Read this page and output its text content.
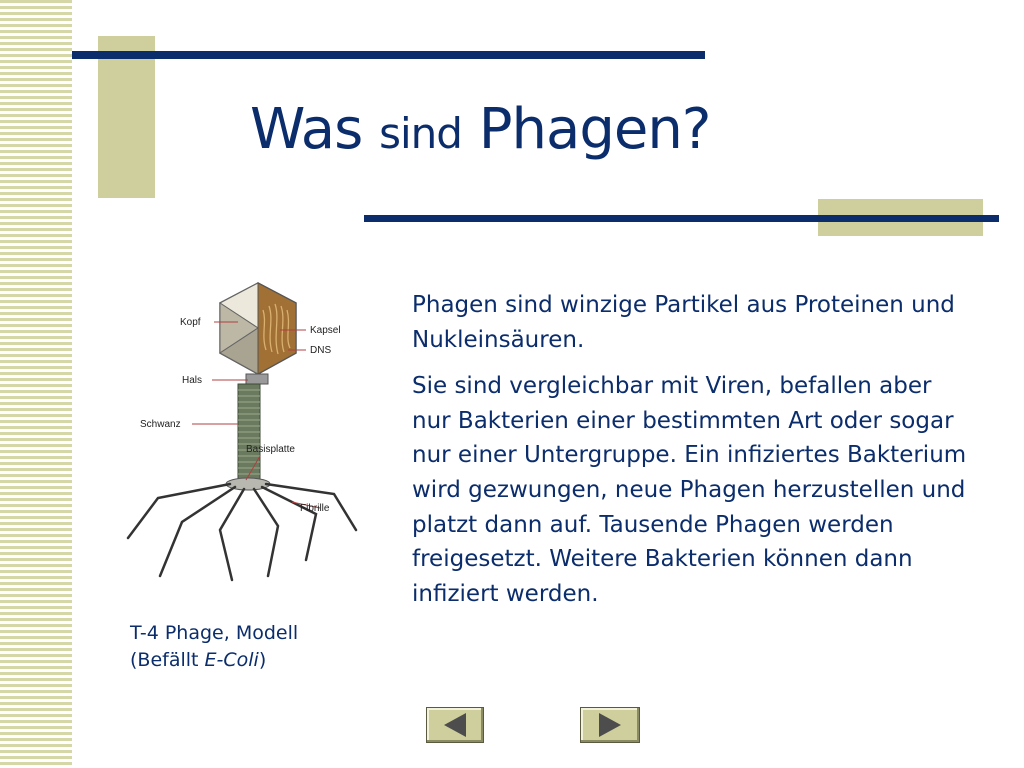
Was sind Phagen?
Kopf
Kapsel
DNS
Hals
Schwanz
Basisplatte
Fibrille
T-4 Phage, Modell
(Befällt E-Coli)

Phagen sind winzige Partikel aus Proteinen und Nukleinsäuren.

Sie sind vergleichbar mit Viren, befallen aber nur Bakterien einer bestimmten Art oder sogar nur einer Untergruppe. Ein infiziertes Bakterium wird gezwungen, neue Phagen herzustellen und platzt dann auf. Tausende Phagen werden freigesetzt. Weitere Bakterien können dann infiziert werden.
